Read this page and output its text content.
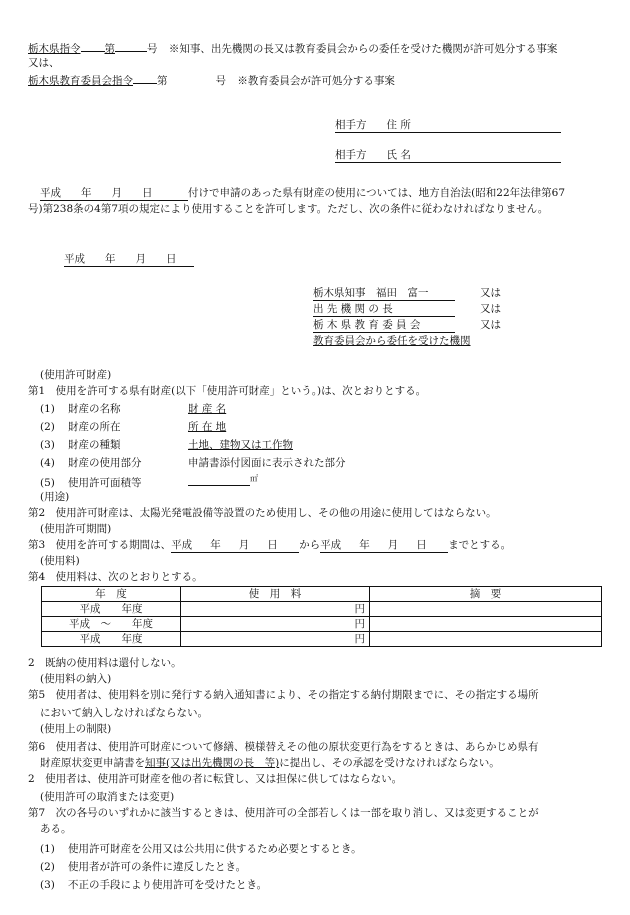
栃木県指令 第	号 ※知事、出先機関の長又は教育委員会からの委任を受けた機関が許可処分する事案
又は、
栃木県教育委員会指令 第	号 ※教育委員会が許可処分する事案
相手方 住 所
相手方 氏 名
平成 年 月 日	付けで申請のあった県有財産の使用については、地方自治法(昭和22年法律第67
号)第238条の4第7項の規定により使用することを許可します。ただし、次の条件に従わなければなりません。
平成 年 月 日
栃木県知事　福田　富一	又は
出 先 機 関 の 長	又は
栃 木 県 教 育 委 員 会	又は
教育委員会から委任を受けた機関
(使用許可財産)
第1　使用を許可する県有財産(以下「使用許可財産」という。)は、次とおりとする。
(1) 財産の名称	財 産 名
(2) 財産の所在	所 在 地
(3) 財産の種類	土地、建物又は工作物
(4) 財産の使用部分	申請書添付図面に表示された部分
(5) 使用許可面積等	㎡
(用途)
第2　使用許可財産は、太陽光発電設備等設置のため使用し、その他の用途に使用してはならない。
(使用許可期間)
第3　使用を許可する期間は、平成 年 月 日 から平成 年 月 日 までとする。
(使用料)
第4　使用料は、次のとおりとする。
年　度	使　用　料	摘　要
平成　　年度	円	
平成　～　　年度	円	
平成　　年度	円	
2　既納の使用料は還付しない。
(使用料の納入)
第5　使用者は、使用料を別に発行する納入通知書により、その指定する納付期限までに、その指定する場所
において納入しなければならない。
(使用上の制限)
第6　使用者は、使用許可財産について修繕、模様替えその他の原状変更行為をするときは、あらかじめ県有
財産原状変更申請書を知事(又は出先機関の長　等)に提出し、その承認を受けなければならない。
2　使用者は、使用許可財産を他の者に転貸し、又は担保に供してはならない。
(使用許可の取消または変更)
第7　次の各号のいずれかに該当するときは、使用許可の全部若しくは一部を取り消し、又は変更することが
ある。
(1) 使用許可財産を公用又は公共用に供するため必要とするとき。
(2) 使用者が許可の条件に違反したとき。
(3) 不正の手段により使用許可を受けたとき。
